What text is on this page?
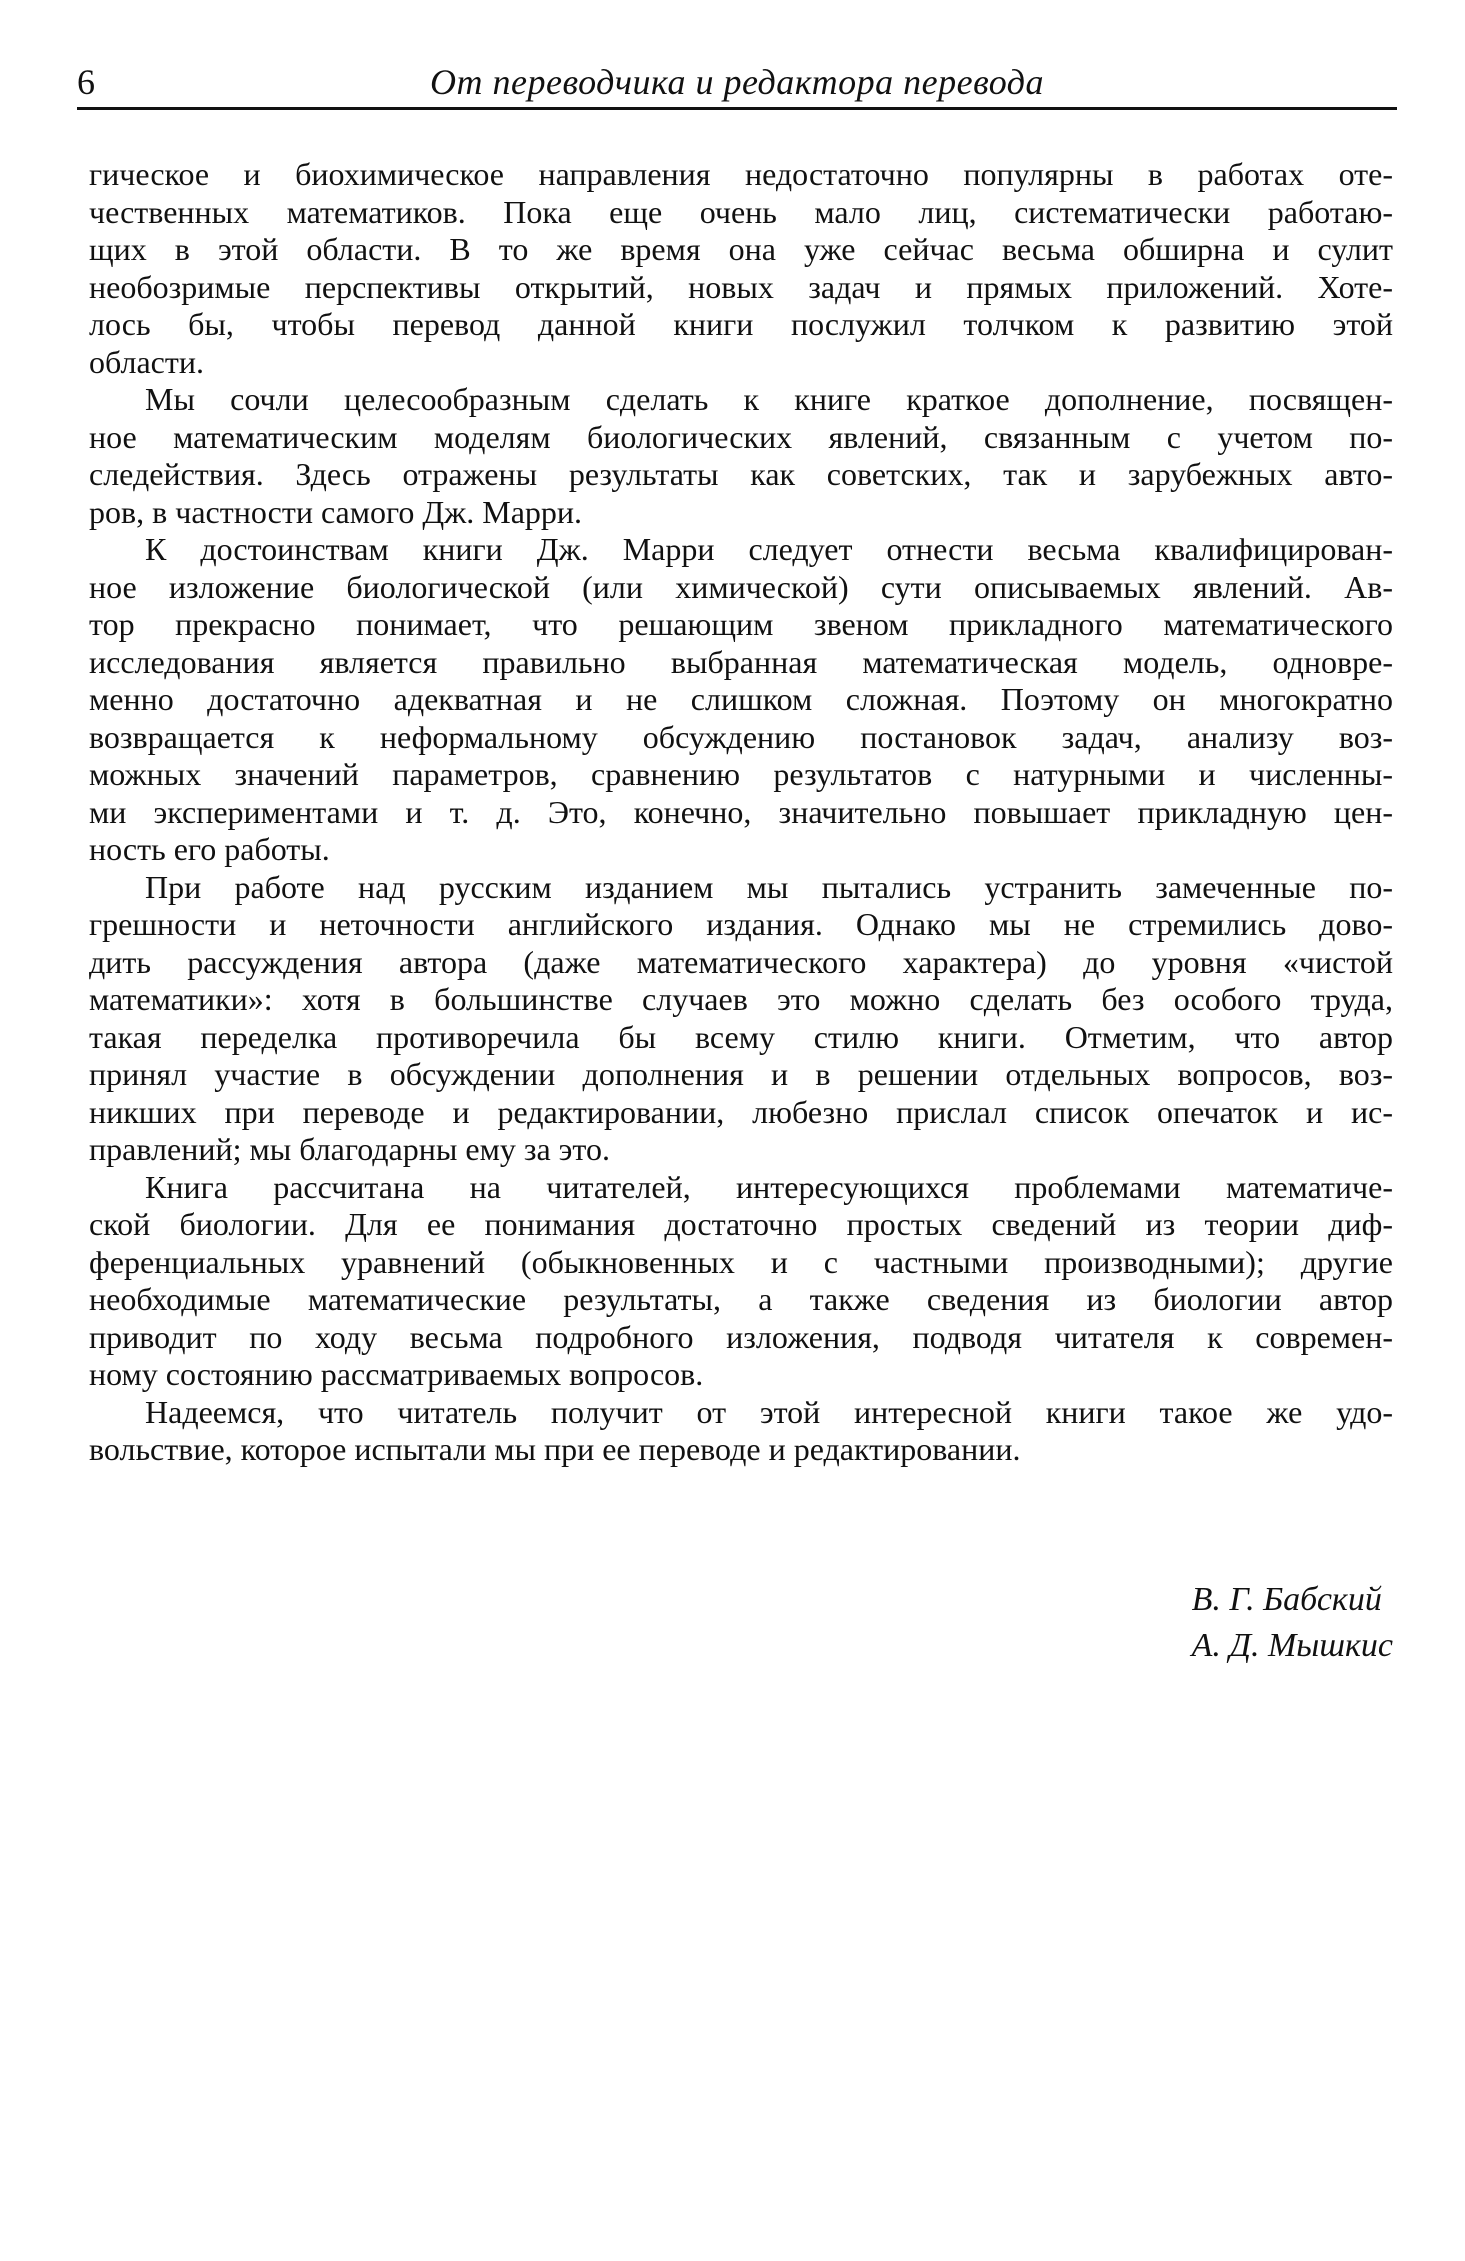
6	От переводчика и редактора перевода

гическое и биохимическое направления недостаточно популярны в работах оте-
чественных математиков. Пока еще очень мало лиц, систематически работаю-
щих в этой области. В то же время она уже сейчас весьма обширна и сулит
необозримые перспективы открытий, новых задач и прямых приложений. Хоте-
лось бы, чтобы перевод данной книги послужил толчком к развитию этой
области.

Мы сочли целесообразным сделать к книге краткое дополнение, посвящен-
ное математическим моделям биологических явлений, связанным с учетом по-
следействия. Здесь отражены результаты как советских, так и зарубежных авто-
ров, в частности самого Дж. Марри.

К достоинствам книги Дж. Марри следует отнести весьма квалифицирован-
ное изложение биологической (или химической) сути описываемых явлений. Ав-
тор прекрасно понимает, что решающим звеном прикладного математического
исследования является правильно выбранная математическая модель, одновре-
менно достаточно адекватная и не слишком сложная. Поэтому он многократно
возвращается к неформальному обсуждению постановок задач, анализу воз-
можных значений параметров, сравнению результатов с натурными и численны-
ми экспериментами и т. д. Это, конечно, значительно повышает прикладную цен-
ность его работы.

При работе над русским изданием мы пытались устранить замеченные по-
грешности и неточности английского издания. Однако мы не стремились дово-
дить рассуждения автора (даже математического характера) до уровня «чистой
математики»: хотя в большинстве случаев это можно сделать без особого труда,
такая переделка противоречила бы всему стилю книги. Отметим, что автор
принял участие в обсуждении дополнения и в решении отдельных вопросов, воз-
никших при переводе и редактировании, любезно прислал список опечаток и ис-
правлений; мы благодарны ему за это.

Книга рассчитана на читателей, интересующихся проблемами математиче-
ской биологии. Для ее понимания достаточно простых сведений из теории диф-
ференциальных уравнений (обыкновенных и с частными производными); другие
необходимые математические результаты, а также сведения из биологии автор
приводит по ходу весьма подробного изложения, подводя читателя к современ-
ному состоянию рассматриваемых вопросов.

Надеемся, что читатель получит от этой интересной книги такое же удо-
вольствие, которое испытали мы при ее переводе и редактировании.

В. Г. Бабский
А. Д. Мышкис
